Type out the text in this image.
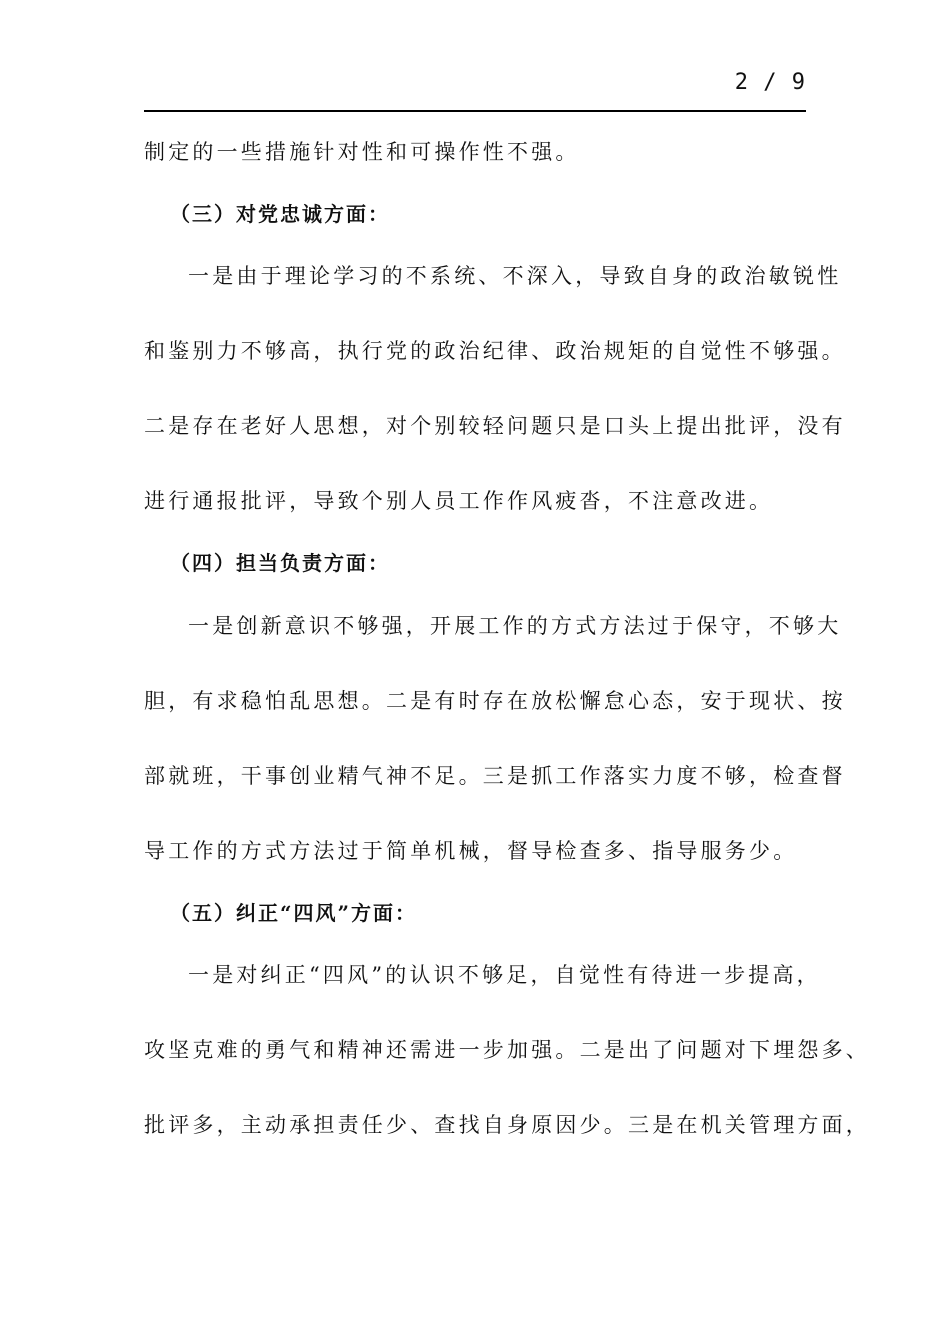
2 / 9
制定的一些措施针对性和可操作性不强。
（三）对党忠诚方面：
一是由于理论学习的不系统、不深入，导致自身的政治敏锐性
和鉴别力不够高，执行党的政治纪律、政治规矩的自觉性不够强。
二是存在老好人思想，对个别较轻问题只是口头上提出批评，没有
进行通报批评，导致个别人员工作作风疲沓，不注意改进。
（四）担当负责方面：
一是创新意识不够强，开展工作的方式方法过于保守，不够大
胆，有求稳怕乱思想。二是有时存在放松懈怠心态，安于现状、按
部就班，干事创业精气神不足。三是抓工作落实力度不够，检查督
导工作的方式方法过于简单机械，督导检查多、指导服务少。
（五）纠正“四风”方面：
一是对纠正“四风”的认识不够足，自觉性有待进一步提高，
攻坚克难的勇气和精神还需进一步加强。二是出了问题对下埋怨多、
批评多，主动承担责任少、查找自身原因少。三是在机关管理方面，
